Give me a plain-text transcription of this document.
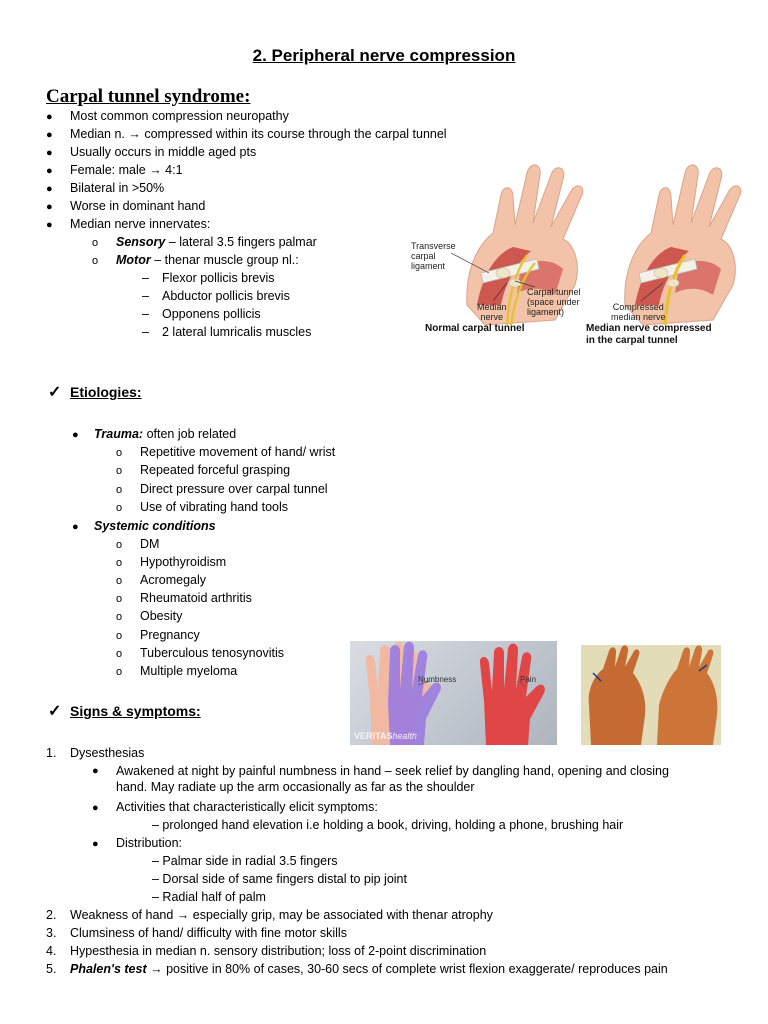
2. Peripheral nerve compression
Carpal tunnel syndrome:
● Most common compression neuropathy
● Median n. → compressed within its course through the carpal tunnel
● Usually occurs in middle aged pts
● Female: male → 4:1
● Bilateral in >50%
● Worse in dominant hand
● Median nerve innervates:
o Sensory – lateral 3.5 fingers palmar
o Motor – thenar muscle group nl.:
– Flexor pollicis brevis
– Abductor pollicis brevis
– Opponens pollicis
– 2 lateral lumricalis muscles
Transverse
carpal
ligament
Median
nerve
Carpal tunnel
(space under
ligament)	Compressed
median nerve
Normal carpal tunnel	Median nerve compressed
in the carpal tunnel
✓ Etiologies:
● Trauma: often job related
o Repetitive movement of hand/ wrist
o Repeated forceful grasping
o Direct pressure over carpal tunnel
o Use of vibrating hand tools
● Systemic conditions
o DM
o Hypothyroidism
o Acromegaly
o Rheumatoid arthritis
o Obesity
o Pregnancy
o Tuberculous tenosynovitis
o Multiple myeloma
Numbness	Pain
VERITAShealth
✓ Signs & symptoms:
1. Dysesthesias
●	Awakened at night by painful numbness in hand – seek relief by dangling hand, opening and closing hand. May radiate up the arm occasionally as far as the shoulder
● Activities that characteristically elicit symptoms:
– prolonged hand elevation i.e holding a book, driving, holding a phone, brushing hair
● Distribution:
– Palmar side in radial 3.5 fingers
– Dorsal side of same fingers distal to pip joint
– Radial half of palm
2. Weakness of hand → especially grip, may be associated with thenar atrophy
3. Clumsiness of hand/ difficulty with fine motor skills
4. Hypesthesia in median n. sensory distribution; loss of 2-point discrimination
5. Phalen's test → positive in 80% of cases, 30-60 secs of complete wrist flexion exaggerate/ reproduces pain
